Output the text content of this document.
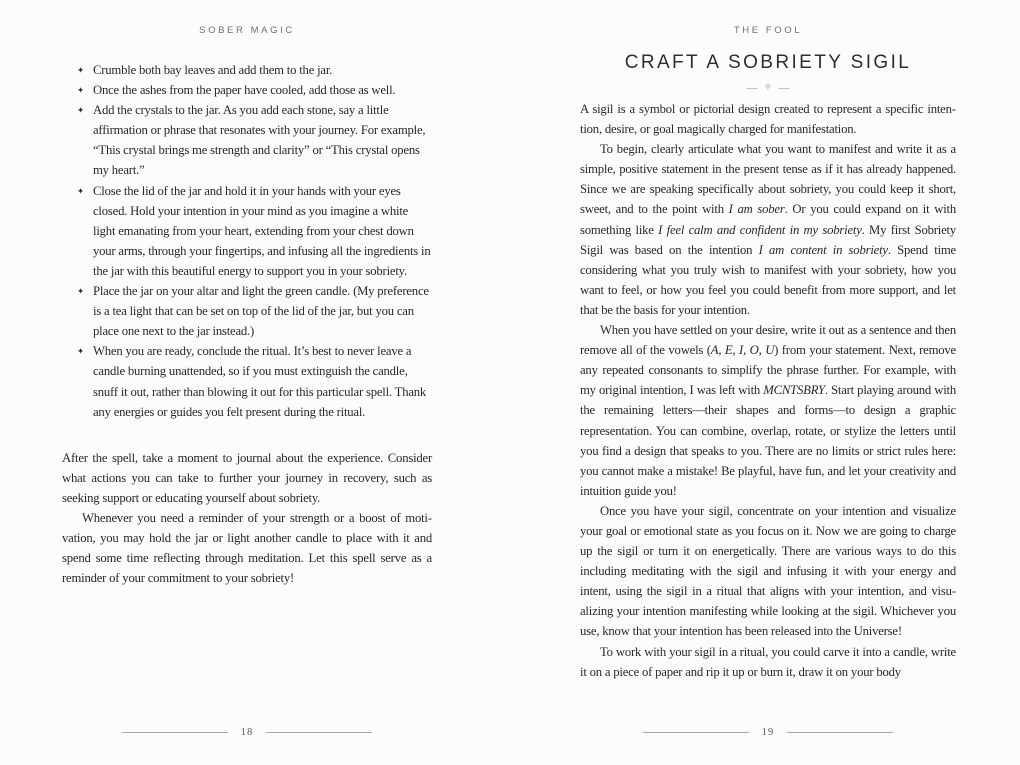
SOBER MAGIC
✦ Crumble both bay leaves and add them to the jar.
✦ Once the ashes from the paper have cooled, add those as well.
✦ Add the crystals to the jar. As you add each stone, say a little affirmation or phrase that resonates with your journey. For example, “This crystal brings me strength and clarity” or “This crystal opens my heart.”
✦ Close the lid of the jar and hold it in your hands with your eyes closed. Hold your intention in your mind as you imagine a white light emanating from your heart, extending from your chest down your arms, through your fingertips, and infusing all the ingredients in the jar with this beautiful energy to support you in your sobriety.
✦ Place the jar on your altar and light the green candle. (My preference is a tea light that can be set on top of the lid of the jar, but you can place one next to the jar instead.)
✦ When you are ready, conclude the ritual. It’s best to never leave a candle burning unattended, so if you must extinguish the candle, snuff it out, rather than blowing it out for this particular spell. Thank any energies or guides you felt present during the ritual.

After the spell, take a moment to journal about the experience. Consider what actions you can take to further your journey in recovery, such as seeking support or educating yourself about sobriety.

Whenever you need a reminder of your strength or a boost of motivation, you may hold the jar or light another candle to place with it and spend some time reflecting through meditation. Let this spell serve as a reminder of your commitment to your sobriety!

18
THE FOOL
CRAFT A SOBRIETY SIGIL
— ✧ —

A sigil is a symbol or pictorial design created to represent a specific intention, desire, or goal magically charged for manifestation.

To begin, clearly articulate what you want to manifest and write it as a simple, positive statement in the present tense as if it has already happened. Since we are speaking specifically about sobriety, you could keep it short, sweet, and to the point with I am sober. Or you could expand on it with something like I feel calm and confident in my sobriety. My first Sobriety Sigil was based on the intention I am content in sobriety. Spend time considering what you truly wish to manifest with your sobriety, how you want to feel, or how you feel you could benefit from more support, and let that be the basis for your intention.

When you have settled on your desire, write it out as a sentence and then remove all of the vowels (A, E, I, O, U) from your statement. Next, remove any repeated consonants to simplify the phrase further. For example, with my original intention, I was left with MCNTSBRY. Start playing around with the remaining letters—their shapes and forms—to design a graphic representation. You can combine, overlap, rotate, or stylize the letters until you find a design that speaks to you. There are no limits or strict rules here: you cannot make a mistake! Be playful, have fun, and let your creativity and intuition guide you!

Once you have your sigil, concentrate on your intention and visualize your goal or emotional state as you focus on it. Now we are going to charge up the sigil or turn it on energetically. There are various ways to do this including meditating with the sigil and infusing it with your energy and intent, using the sigil in a ritual that aligns with your intention, and visualizing your intention manifesting while looking at the sigil. Whichever you use, know that your intention has been released into the Universe!

To work with your sigil in a ritual, you could carve it into a candle, write it on a piece of paper and rip it up or burn it, draw it on your body

19
